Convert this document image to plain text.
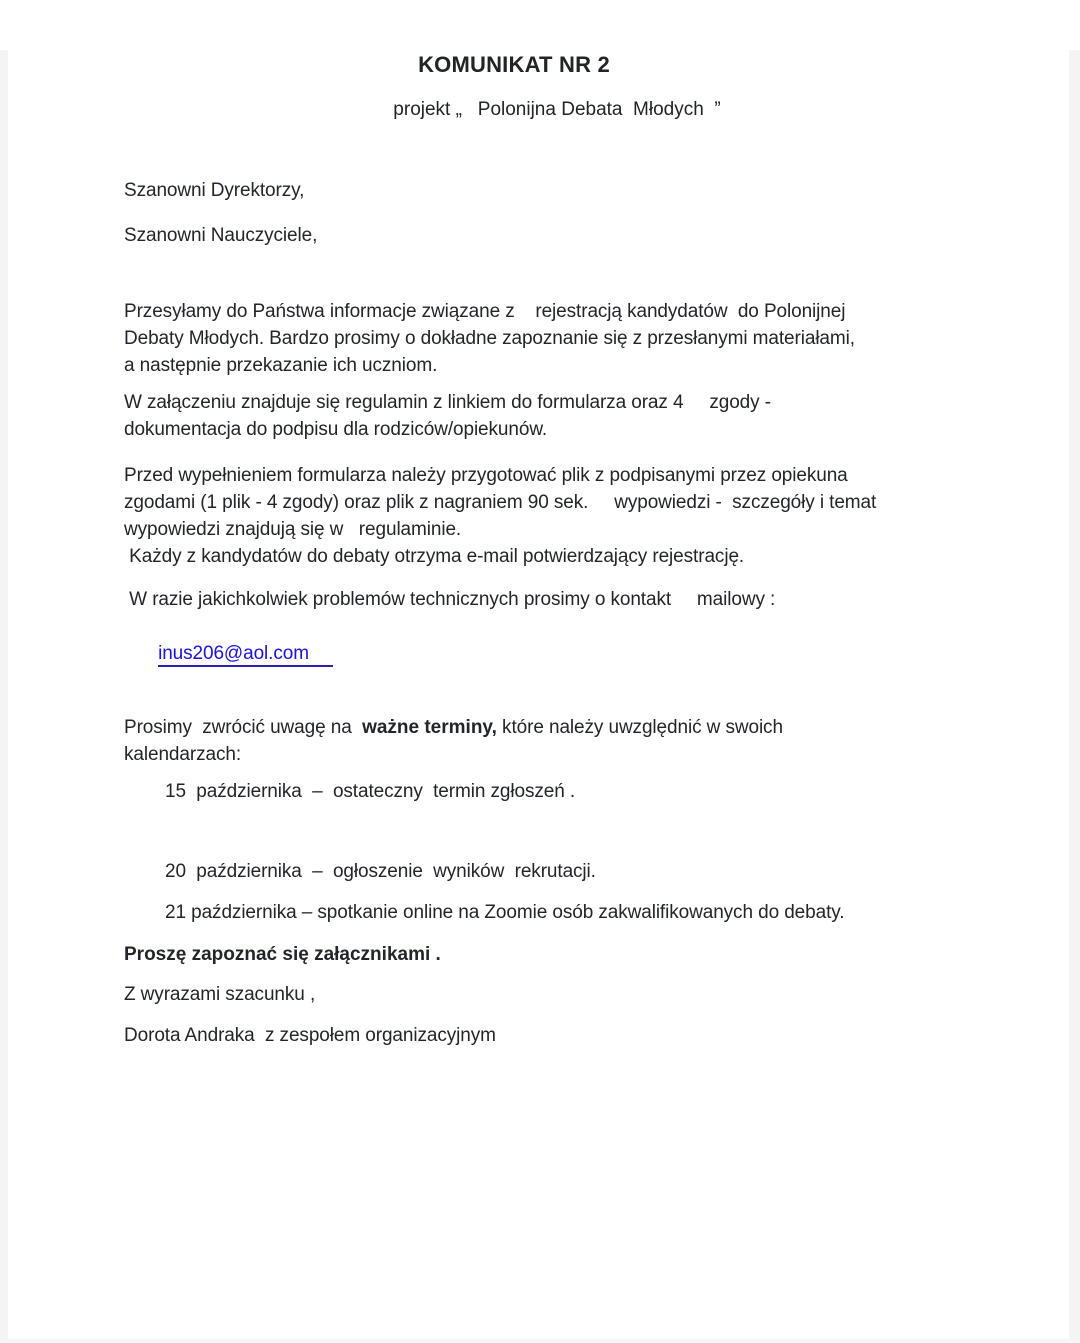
KOMUNIKAT NR 2
projekt „   Polonijna Debata  Młodych  ”
Szanowni Dyrektorzy,
Szanowni Nauczyciele,
Przesyłamy do Państwa informacje związane z    rejestracją kandydatów  do Polonijnej
Debaty Młodych. Bardzo prosimy o dokładne zapoznanie się z przesłanymi materiałami,
a następnie przekazanie ich uczniom.
W załączeniu znajduje się regulamin z linkiem do formularza oraz 4     zgody -
dokumentacja do podpisu dla rodziców/opiekunów.
Przed wypełnieniem formularza należy przygotować plik z podpisanymi przez opiekuna
zgodami (1 plik - 4 zgody) oraz plik z nagraniem 90 sek.     wypowiedzi -  szczegóły i temat
wypowiedzi znajdują się w   regulaminie.
Każdy z kandydatów do debaty otrzyma e-mail potwierdzający rejestrację.
W razie jakichkolwiek problemów technicznych prosimy o kontakt     mailowy :

inus206@aol.com

Prosimy  zwrócić uwagę na  ważne terminy, które należy uwzględnić w swoich
kalendarzach:
15  października  –  ostateczny  termin zgłoszeń .
20  października  –  ogłoszenie  wyników  rekrutacji.
21 października – spotkanie online na Zoomie osób zakwalifikowanych do debaty.
Proszę zapoznać się załącznikami .
Z wyrazami szacunku ,
Dorota Andraka  z zespołem organizacyjnym
